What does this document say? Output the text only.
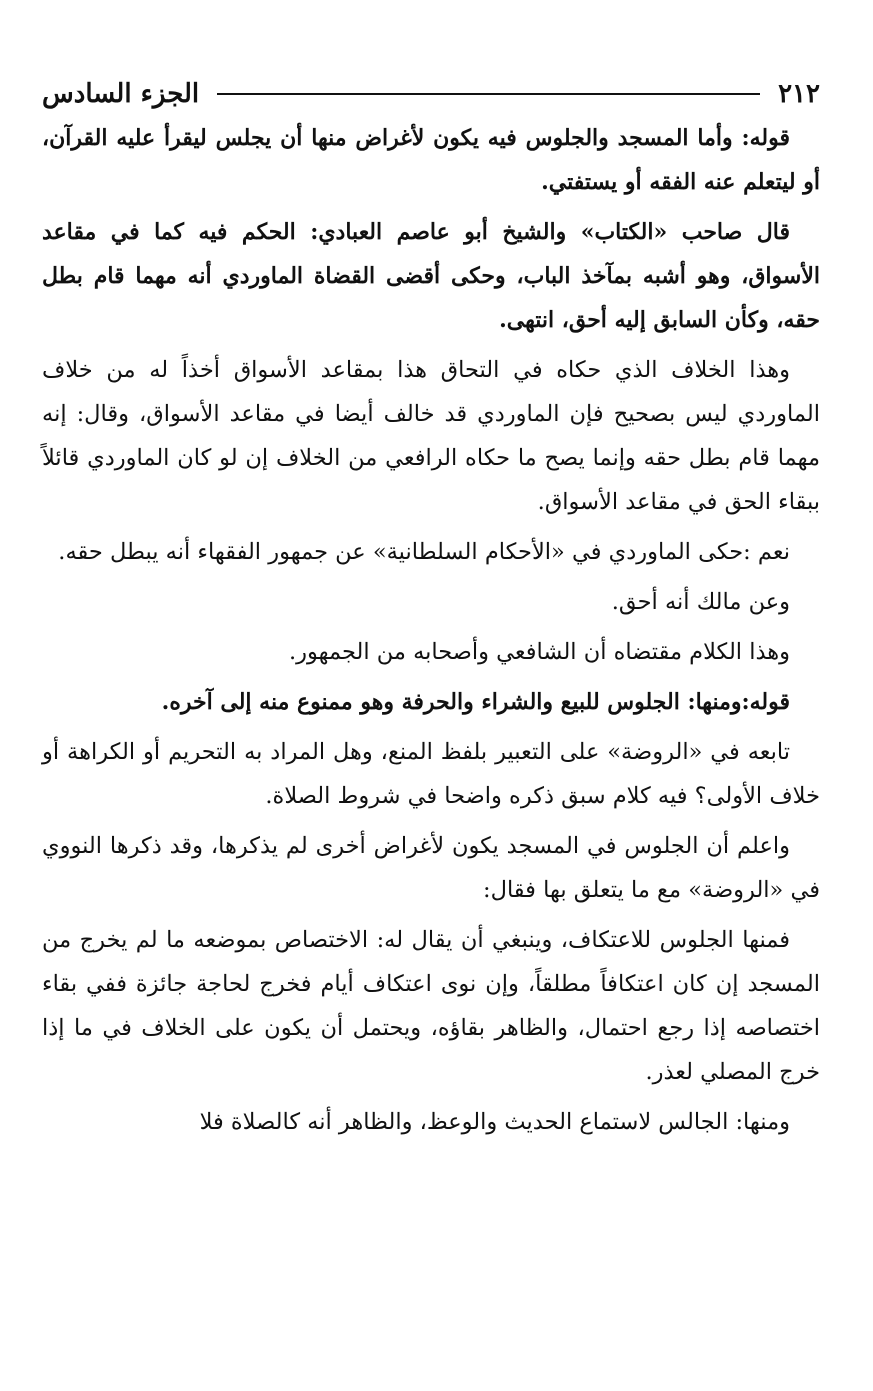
٢١٢
الجزء السادس

قوله: وأما المسجد والجلوس فيه يكون لأغراض منها أن يجلس ليقرأ عليه القرآن، أو ليتعلم عنه الفقه أو يستفتي.

قال صاحب «الكتاب» والشيخ أبو عاصم العبادي: الحكم فيه كما في مقاعد الأسواق، وهو أشبه بمآخذ الباب، وحكى أقضى القضاة الماوردي أنه مهما قام بطل حقه، وكأن السابق إليه أحق، انتهى.

وهذا الخلاف الذي حكاه في التحاق هذا بمقاعد الأسواق أخذاً له من خلاف الماوردي ليس بصحيح فإن الماوردي قد خالف أيضا في مقاعد الأسواق، وقال: إنه مهما قام بطل حقه وإنما يصح ما حكاه الرافعي من الخلاف إن لو كان الماوردي قائلاً ببقاء الحق في مقاعد الأسواق.

نعم :حكى الماوردي في «الأحكام السلطانية» عن جمهور الفقهاء أنه يبطل حقه.

وعن مالك أنه أحق.

وهذا الكلام مقتضاه أن الشافعي وأصحابه من الجمهور.

قوله:ومنها: الجلوس للبيع والشراء والحرفة وهو ممنوع منه إلى آخره.

تابعه في «الروضة» على التعبير بلفظ المنع، وهل المراد به التحريم أو الكراهة أو خلاف الأولى؟ فيه كلام سبق ذكره واضحا في شروط الصلاة.

واعلم أن الجلوس في المسجد يكون لأغراض أخرى لم يذكرها، وقد ذكرها النووي في «الروضة» مع ما يتعلق بها فقال:

فمنها الجلوس للاعتكاف، وينبغي أن يقال له: الاختصاص بموضعه ما لم يخرج من المسجد إن كان اعتكافاً مطلقاً، وإن نوى اعتكاف أيام فخرج لحاجة جائزة ففي بقاء اختصاصه إذا رجع احتمال، والظاهر بقاؤه، ويحتمل أن يكون على الخلاف في ما إذا خرج المصلي لعذر.

ومنها: الجالس لاستماع الحديث والوعظ، والظاهر أنه كالصلاة فلا
